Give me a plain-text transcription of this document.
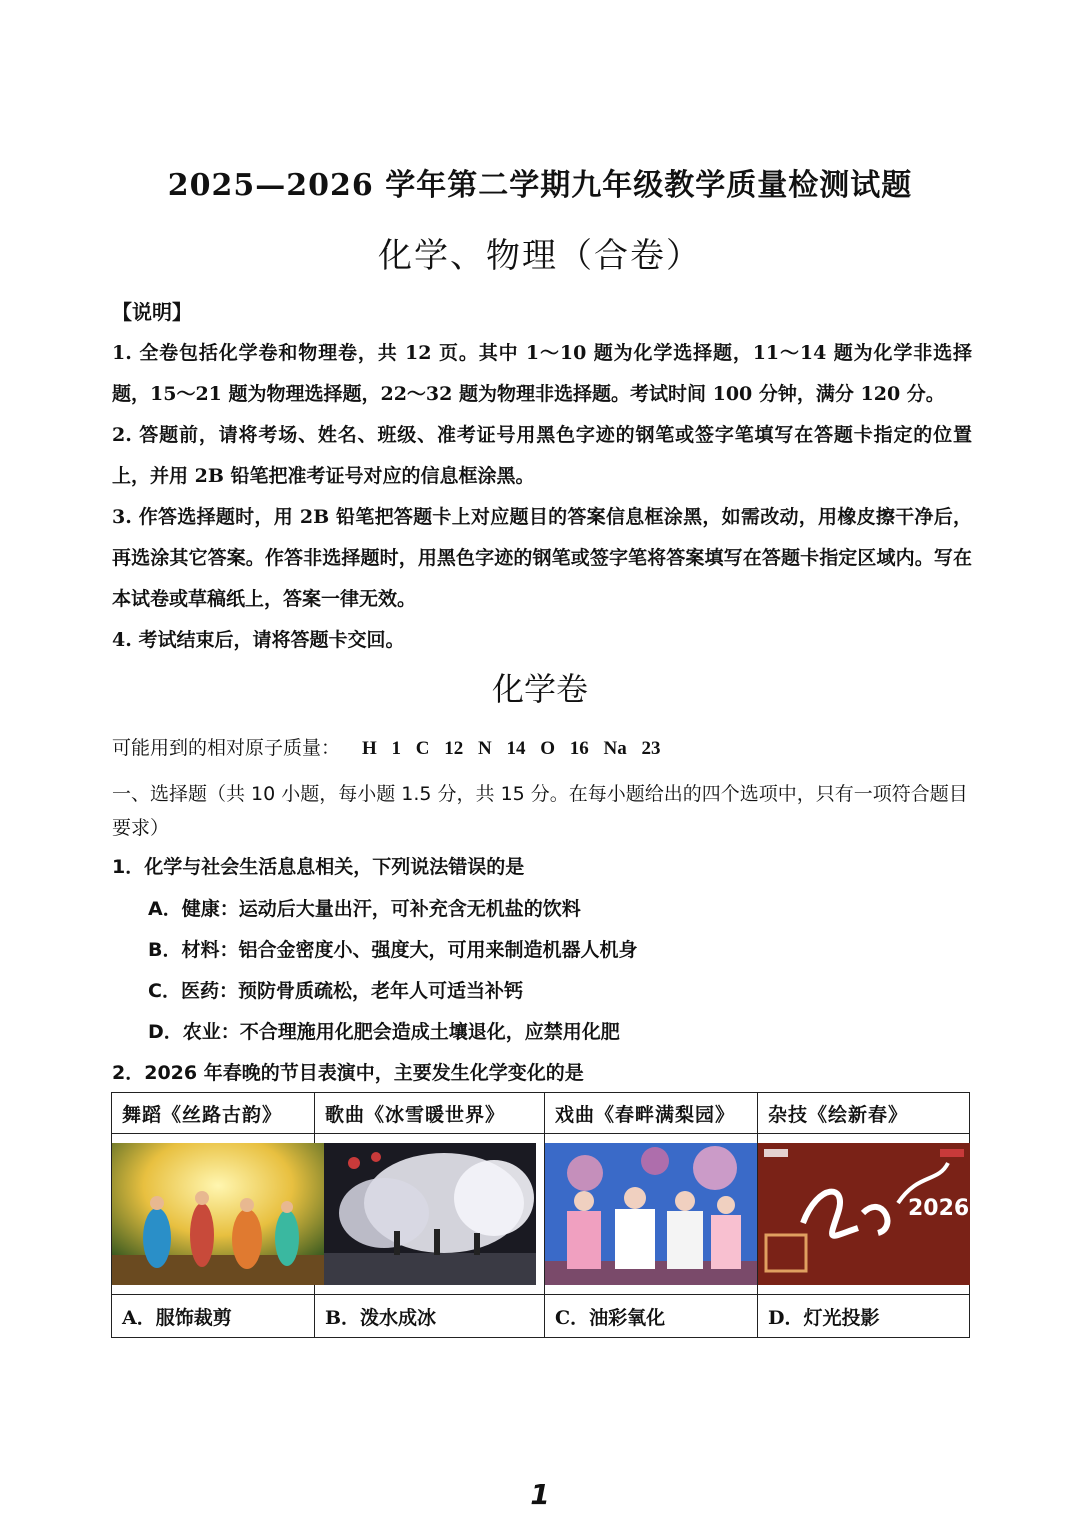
2025—2026 学年第二学期九年级教学质量检测试题
化学、物理（合卷）
【说明】

1. 全卷包括化学卷和物理卷，共 12 页。其中 1～10 题为化学选择题，11～14 题为化学非选择题，15～21 题为物理选择题，22～32 题为物理非选择题。考试时间 100 分钟，满分 120 分。

2. 答题前，请将考场、姓名、班级、准考证号用黑色字迹的钢笔或签字笔填写在答题卡指定的位置上，并用 2B 铅笔把准考证号对应的信息框涂黑。

3. 作答选择题时，用 2B 铅笔把答题卡上对应题目的答案信息框涂黑，如需改动，用橡皮擦干净后，再选涂其它答案。作答非选择题时，用黑色字迹的钢笔或签字笔将答案填写在答题卡指定区域内。写在本试卷或草稿纸上，答案一律无效。

4. 考试结束后，请将答题卡交回。

化学卷
可能用到的相对原子质量： H 1 C 12 N 14 O 16 Na 23
一、选择题（共 10 小题，每小题 1.5 分，共 15 分。在每小题给出的四个选项中，只有一项符合题目要求）
1．化学与社会生活息息相关，下列说法错误的是
A．健康：运动后大量出汗，可补充含无机盐的饮料
B．材料：铝合金密度小、强度大，可用来制造机器人机身
C．医药：预防骨质疏松，老年人可适当补钙
D．农业：不合理施用化肥会造成土壤退化，应禁用化肥
2．2026 年春晚的节目表演中，主要发生化学变化的是
舞蹈《丝路古韵》	歌曲《冰雪暖世界》	戏曲《春畔满梨园》	杂技《绘新春》

2026

A．服饰裁剪	B．泼水成冰	C．油彩氧化	D．灯光投影
1
